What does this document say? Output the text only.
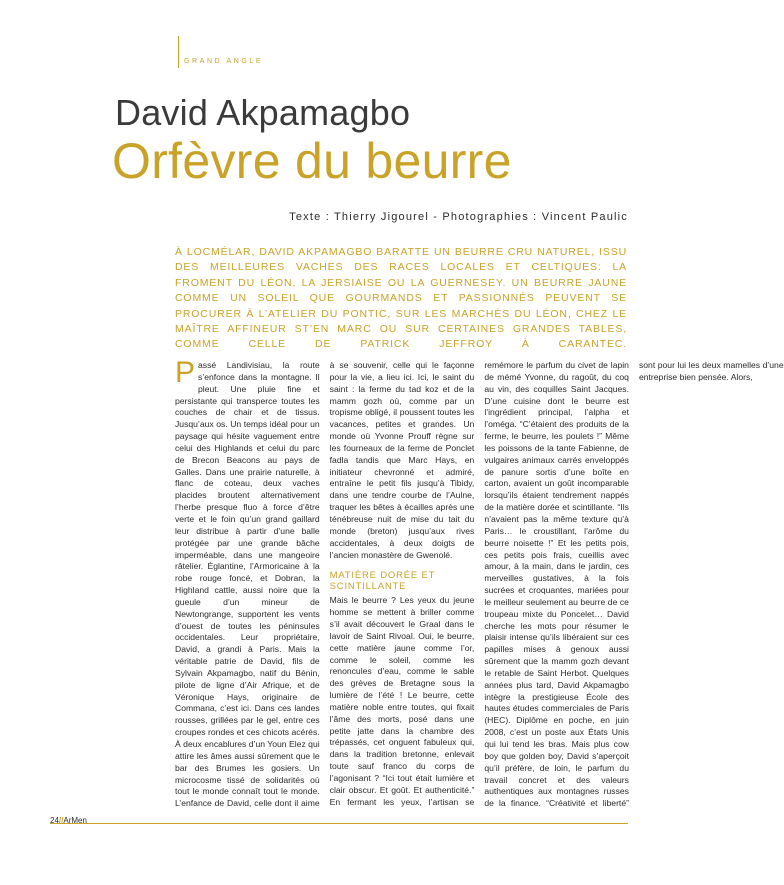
GRAND ANGLE
David Akpamagbo
Orfèvre du beurre
Texte : Thierry Jigourel - Photographies : Vincent Paulic
À LOCMÉLAR, DAVID AKPAMAGBO BARATTE UN BEURRE CRU NATUREL, ISSU DES MEILLEURES VACHES DES RACES LOCALES ET CELTIQUES: LA FROMENT DU LÉON, LA JERSIAISE OU LA GUERNESEY. UN BEURRE JAUNE COMME UN SOLEIL QUE GOURMANDS ET PASSIONNÉS PEUVENT SE PROCURER À L’ATELIER DU PONTIC, SUR LES MARCHÉS DU LÉON, CHEZ LE MAÎTRE AFFINEUR ST’EN MARC OU SUR CERTAINES GRANDES TABLES, COMME CELLE DE PATRICK JEFFROY À CARANTEC.

Passé Landivisiau, la route s’enfonce dans la montagne. Il pleut. Une pluie fine et persistante qui transperce toutes les couches de chair et de tissus. Jusqu’aux os. Un temps idéal pour un paysage qui hésite vaguement entre celui des Highlands et celui du parc de Brecon Beacons au pays de Galles. Dans une prairie naturelle, à flanc de coteau, deux vaches placides broutent alternativement l’herbe presque fluo à force d’être verte et le foin qu’un grand gaillard leur distribue à partir d’une balle protégée par une grande bâche imperméable, dans une mangeoire râtelier. Églantine, l’Armoricaine à la robe rouge foncé, et Dobran, la Highland cattle, aussi noire que la gueule d’un mineur de Newtongrange, supportent les vents d’ouest de toutes les péninsules occidentales. Leur propriétaire, David, a grandi à Paris. Mais la véritable patrie de David, fils de Sylvain Akpamagbo, natif du Bénin, pilote de ligne d’Air Afrique, et de Véronique Hays, originaire de Commana, c’est ici. Dans ces landes rousses, grillées par le gel, entre ces croupes rondes et ces chicots acérés. À deux encablures d’un Youn Elez qui attire les âmes aussi sûrement que le bar des Brumes les gosiers. Un microcosme tissé de solidarités où tout le monde connaît tout le monde. L’enfance de David, celle dont il aime à se souvenir, celle qui le façonne pour la vie, a lieu ici. Ici, le saint du saint : la ferme du tad koz et de la mamm gozh où, comme par un tropisme obligé, il poussent toutes les vacances, petites et grandes. Un monde où Yvonne Prouff règne sur les fourneaux de la ferme de Ponclet fadla tandis que Marc Hays, en initiateur chevronné et admiré, entraîne le petit fils jusqu’à Tibidy, dans une tendre courbe de l’Aulne, traquer les bêtes à écailles après une ténébreuse nuit de mise du tait du monde (breton) jusqu’aux rives accidentales, à deux doigts de l’ancien monastère de Gwenolé.

MATIÈRE DORÉE ET SCINTILLANTE

Mais le beurre ? Les yeux du jeune homme se mettent à briller comme s’il avait découvert le Graal dans le lavoir de Saint Rivoal. Oui, le beurre, cette matière jaune comme l’or, comme le soleil, comme les renoncules d’eau, comme le sable des grèves de Bretagne sous la lumière de l’été ! Le beurre, cette matière noble entre toutes, qui fixait l’âme des morts, posé dans une petite jatte dans la chambre des trépassés, cet onguent fabuleux qui, dans la tradition bretonne, enlevait toute sauf franco du corps de l’agonisant ? “Ici tout était lumière et clair obscur. Et goût. Et authenticité.” En fermant les yeux, l’artisan se remémore le parfum du civet de lapin de mémé Yvonne, du ragoût, du coq au vin, des coquilles Saint Jacques. D’une cuisine dont le beurre est l’ingrédient principal, l’alpha et l’oméga. “C’étaient des produits de la ferme, le beurre, les poulets !” Même les poissons de la tante Fabienne, de vulgaires animaux carrés enveloppés de panure sortis d’une boîte en carton, avaient un goût incomparable lorsqu’ils étaient tendrement nappés de la matière dorée et scintillante. “Ils n’avaient pas la même texture qu’à Paris… le croustillant, l’arôme du beurre noisette !” Et les petits pois, ces petits pois frais, cueillis avec amour, à la main, dans le jardin, ces merveilles gustatives, à la fois sucrées et croquantes, mariées pour le meilleur seulement au beurre de ce troupeau mixte du Poncelet… David cherche les mots pour résumer le plaisir intense qu’ils libéraient sur ces papilles mises à genoux aussi sûrement que la mamm gozh devant le retable de Saint Herbot. Quelques années plus tard, David Akpamagbo intègre la prestigieuse École des hautes études commerciales de Paris (HEC). Diplôme en poche, en juin 2008, c’est un poste aux États Unis qui lui tend les bras. Mais plus cow boy que golden boy, David s’aperçoit qu’il préfère, de loin, le parfum du travail concret et des valeurs authentiques aux montagnes russes de la finance. “Créativité et liberté” sont pour lui les deux mamelles d’une entreprise bien pensée. Alors,

24//ArMen
